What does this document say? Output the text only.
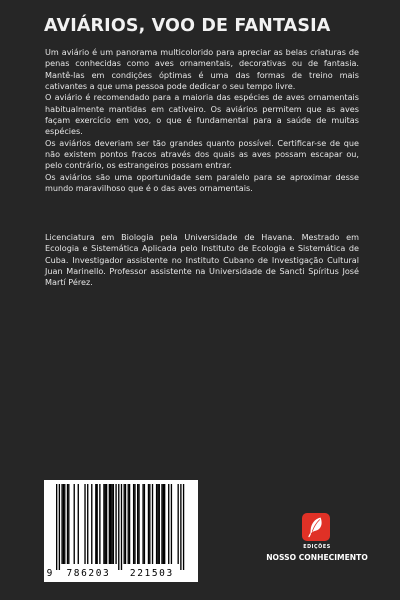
AVIÁRIOS, VOO DE FANTASIA

Um aviário é um panorama multicolorido para apreciar as belas criaturas de penas conhecidas como aves ornamentais, decorativas ou de fantasia. Mantê-las em condições óptimas é uma das formas de treino mais cativantes a que uma pessoa pode dedicar o seu tempo livre.

O aviário é recomendado para a maioria das espécies de aves ornamentais habitualmente mantidas em cativeiro. Os aviários permitem que as aves façam exercício em voo, o que é fundamental para a saúde de muitas espécies.

Os aviários deveriam ser tão grandes quanto possível. Certificar-se de que não existem pontos fracos através dos quais as aves possam escapar ou, pelo contrário, os estrangeiros possam entrar.

Os aviários são uma oportunidade sem paralelo para se aproximar desse mundo maravilhoso que é o das aves ornamentais.

Licenciatura em Biologia pela Universidade de Havana. Mestrado em Ecologia e Sistemática Aplicada pelo Instituto de Ecologia e Sistemática de Cuba. Investigador assistente no Instituto Cubano de Investigação Cultural Juan Marinello. Professor assistente na Universidade de Sancti Spíritus José Martí Pérez.

9 786203 221503
EDIÇÕES
NOSSO CONHECIMENTO
